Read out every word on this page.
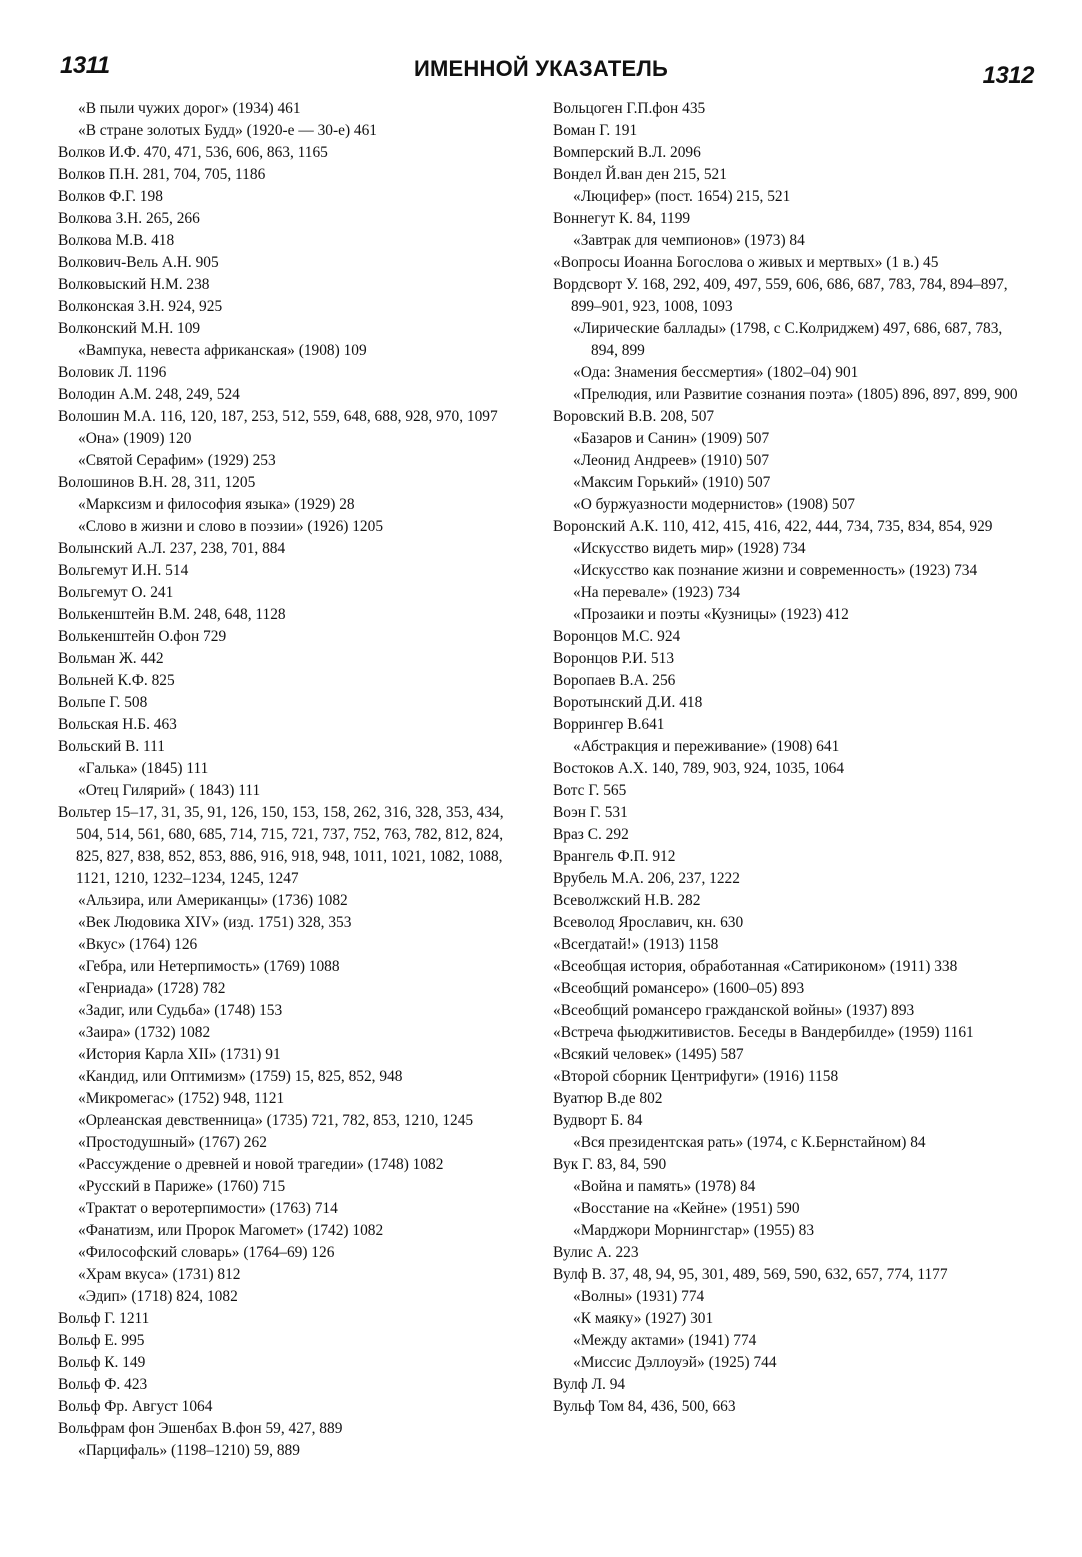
1311	ИМЕННОЙ УКАЗАТЕЛЬ	1312
«В пыли чужих дорог» (1934) 461
«В стране золотых Будд» (1920-е — 30-е) 461
Волков И.Ф. 470, 471, 536, 606, 863, 1165
Волков П.Н. 281, 704, 705, 1186
Волков Ф.Г. 198
Волкова З.Н. 265, 266
Волкова М.В. 418
Волкович-Вель А.Н. 905
Волковыский Н.М. 238
Волконская З.Н. 924, 925
Волконский М.Н. 109
«Вампука, невеста африканская» (1908) 109
Воловик Л. 1196
Володин А.М. 248, 249, 524
Волошин М.А. 116, 120, 187, 253, 512, 559, 648, 688, 928, 970, 1097
«Она» (1909) 120
«Святой Серафим» (1929) 253
Волошинов В.Н. 28, 311, 1205
«Марксизм и философия языка» (1929) 28
«Слово в жизни и слово в поэзии» (1926) 1205
Волынский А.Л. 237, 238, 701, 884
Вольгемут И.Н. 514
Вольгемут О. 241
Волькенштейн В.М. 248, 648, 1128
Волькенштейн О.фон 729
Вольман Ж. 442
Вольней К.Ф. 825
Вольпе Г. 508
Вольская Н.Б. 463
Вольский В. 111
«Галька» (1845) 111
«Отец Гилярий» ( 1843) 111
Вольтер 15–17, 31, 35, 91, 126, 150, 153, 158, 262, 316, 328, 353, 434, 504, 514, 561, 680, 685, 714, 715, 721, 737, 752, 763, 782, 812, 824, 825, 827, 838, 852, 853, 886, 916, 918, 948, 1011, 1021, 1082, 1088, 1121, 1210, 1232–1234, 1245, 1247
«Альзира, или Американцы» (1736) 1082
«Век Людовика XIV» (изд. 1751) 328, 353
«Вкус» (1764) 126
«Гебра, или Нетерпимость» (1769) 1088
«Генриада» (1728) 782
«Задиг, или Судьба» (1748) 153
«Заира» (1732) 1082
«История Карла XII» (1731) 91
«Кандид, или Оптимизм» (1759) 15, 825, 852, 948
«Микромегас» (1752) 948, 1121
«Орлеанская девственница» (1735) 721, 782, 853, 1210, 1245
«Простодушный» (1767) 262
«Рассуждение о древней и новой трагедии» (1748) 1082
«Русский в Париже» (1760) 715
«Трактат о веротерпимости» (1763) 714
«Фанатизм, или Пророк Магомет» (1742) 1082
«Философский словарь» (1764–69) 126
«Храм вкуса» (1731) 812
«Эдип» (1718) 824, 1082
Вольф Г. 1211
Вольф Е. 995
Вольф К. 149
Вольф Ф. 423
Вольф Фр. Август 1064
Вольфрам фон Эшенбах В.фон 59, 427, 889
«Парцифаль» (1198–1210) 59, 889
Вольцоген Г.П.фон 435
Воман Г. 191
Вомперский В.Л. 2096
Вондел Й.ван ден 215, 521
«Люцифер» (пост. 1654) 215, 521
Воннегут К. 84, 1199
«Завтрак для чемпионов» (1973) 84
«Вопросы Иоанна Богослова о живых и мертвых» (1 в.) 45
Вордсворт У. 168, 292, 409, 497, 559, 606, 686, 687, 783, 784, 894–897, 899–901, 923, 1008, 1093
«Лирические баллады» (1798, с С.Колриджем) 497, 686, 687, 783, 894, 899
«Ода: Знамения бессмертия» (1802–04) 901
«Прелюдия, или Развитие сознания поэта» (1805) 896, 897, 899, 900
Воровский В.В. 208, 507
«Базаров и Санин» (1909) 507
«Леонид Андреев» (1910) 507
«Максим Горький» (1910) 507
«О буржуазности модернистов» (1908) 507
Воронский А.К. 110, 412, 415, 416, 422, 444, 734, 735, 834, 854, 929
«Искусство видеть мир» (1928) 734
«Искусство как познание жизни и современность» (1923) 734
«На перевале» (1923) 734
«Прозаики и поэты «Кузницы» (1923) 412
Воронцов М.С. 924
Воронцов Р.И. 513
Воропаев В.А. 256
Воротынский Д.И. 418
Воррингер В.641
«Абстракция и переживание» (1908) 641
Востоков А.Х. 140, 789, 903, 924, 1035, 1064
Вотс Г. 565
Воэн Г. 531
Враз С. 292
Врангель Ф.П. 912
Врубель М.А. 206, 237, 1222
Всеволжский Н.В. 282
Всеволод Ярославич, кн. 630
«Всегдатай!» (1913) 1158
«Всеобщая история, обработанная «Сатириконом» (1911) 338
«Всеобщий романсеро» (1600–05) 893
«Всеобщий романсеро гражданской войны» (1937) 893
«Встреча фьюджитивистов. Беседы в Вандербилде» (1959) 1161
«Всякий человек» (1495) 587
«Второй сборник Центрифуги» (1916) 1158
Вуатюр В.де 802
Вудворт Б. 84
«Вся президентская рать» (1974, с К.Бернстайном) 84
Вук Г. 83, 84, 590
«Война и память» (1978) 84
«Восстание на «Кейне» (1951) 590
«Марджори Морнингстар» (1955) 83
Вулис А. 223
Вулф В. 37, 48, 94, 95, 301, 489, 569, 590, 632, 657, 774, 1177
«Волны» (1931) 774
«К маяку» (1927) 301
«Между актами» (1941) 774
«Миссис Дэллоуэй» (1925) 744
Вулф Л. 94
Вульф Том 84, 436, 500, 663
